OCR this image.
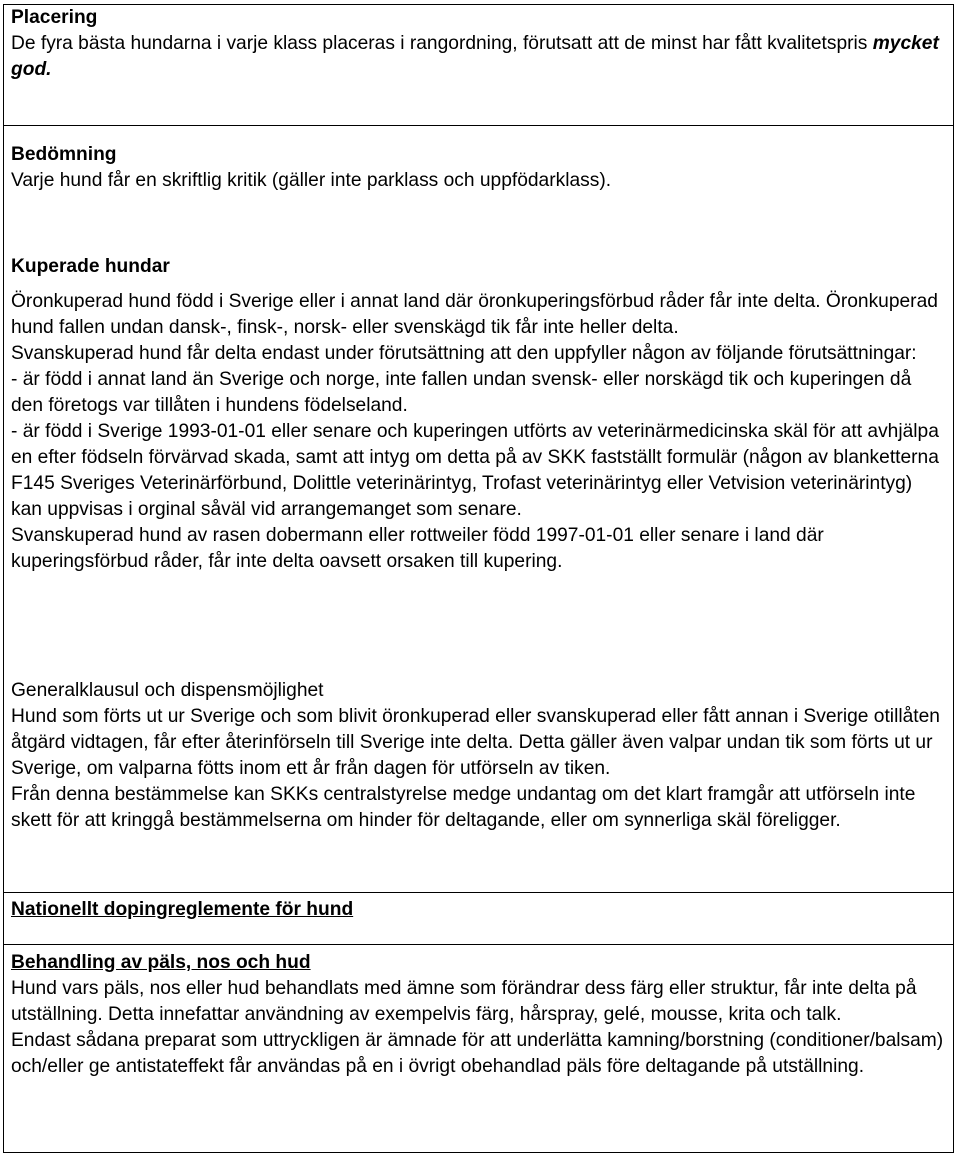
Placering

De fyra bästa hundarna i varje klass placeras i rangordning, förutsatt att de minst har fått kvalitetspris mycket god.

Bedömning

Varje hund får en skriftlig kritik (gäller inte parklass och uppfödarklass).

Kuperade hundar

Öronkuperad hund född i Sverige eller i annat land där öronkuperingsförbud råder får inte delta. Öronkuperad hund fallen undan dansk-, finsk-, norsk- eller svenskägd tik får inte heller delta.

Svanskuperad hund får delta endast under förutsättning att den uppfyller någon av följande förutsättningar:

- är född i annat land än Sverige och norge, inte fallen undan svensk- eller norskägd tik och kuperingen då den företogs var tillåten i hundens födelseland.

- är född i Sverige 1993-01-01 eller senare och kuperingen utförts av veterinärmedicinska skäl för att avhjälpa en efter födseln förvärvad skada, samt att intyg om detta på av SKK fastställt formulär (någon av blanketterna F145 Sveriges Veterinärförbund, Dolittle veterinärintyg, Trofast veterinärintyg eller Vetvision veterinärintyg) kan uppvisas i orginal såväl vid arrangemanget som senare.

Svanskuperad hund av rasen dobermann eller rottweiler född 1997-01-01 eller senare i land där kuperingsförbud råder, får inte delta oavsett orsaken till kupering.

Generalklausul och dispensmöjlighet

Hund som förts ut ur Sverige och som blivit öronkuperad eller svanskuperad eller fått annan i Sverige otillåten åtgärd vidtagen, får efter återinförseln till Sverige inte delta. Detta gäller även valpar undan tik som förts ut ur Sverige, om valparna fötts inom ett år från dagen för utförseln av tiken.

Från denna bestämmelse kan SKKs centralstyrelse medge undantag om det klart framgår att utförseln inte skett för att kringgå bestämmelserna om hinder för deltagande, eller om synnerliga skäl föreligger.

Nationellt dopingreglemente för hund

Behandling av päls, nos och hud

Hund vars päls, nos eller hud behandlats med ämne som förändrar dess färg eller struktur, får inte delta på utställning. Detta innefattar användning av exempelvis färg, hårspray, gelé, mousse, krita och talk.

Endast sådana preparat som uttryckligen är ämnade för att underlätta kamning/borstning (conditioner/balsam) och/eller ge antistateffekt får användas på en i övrigt obehandlad päls före deltagande på utställning.
